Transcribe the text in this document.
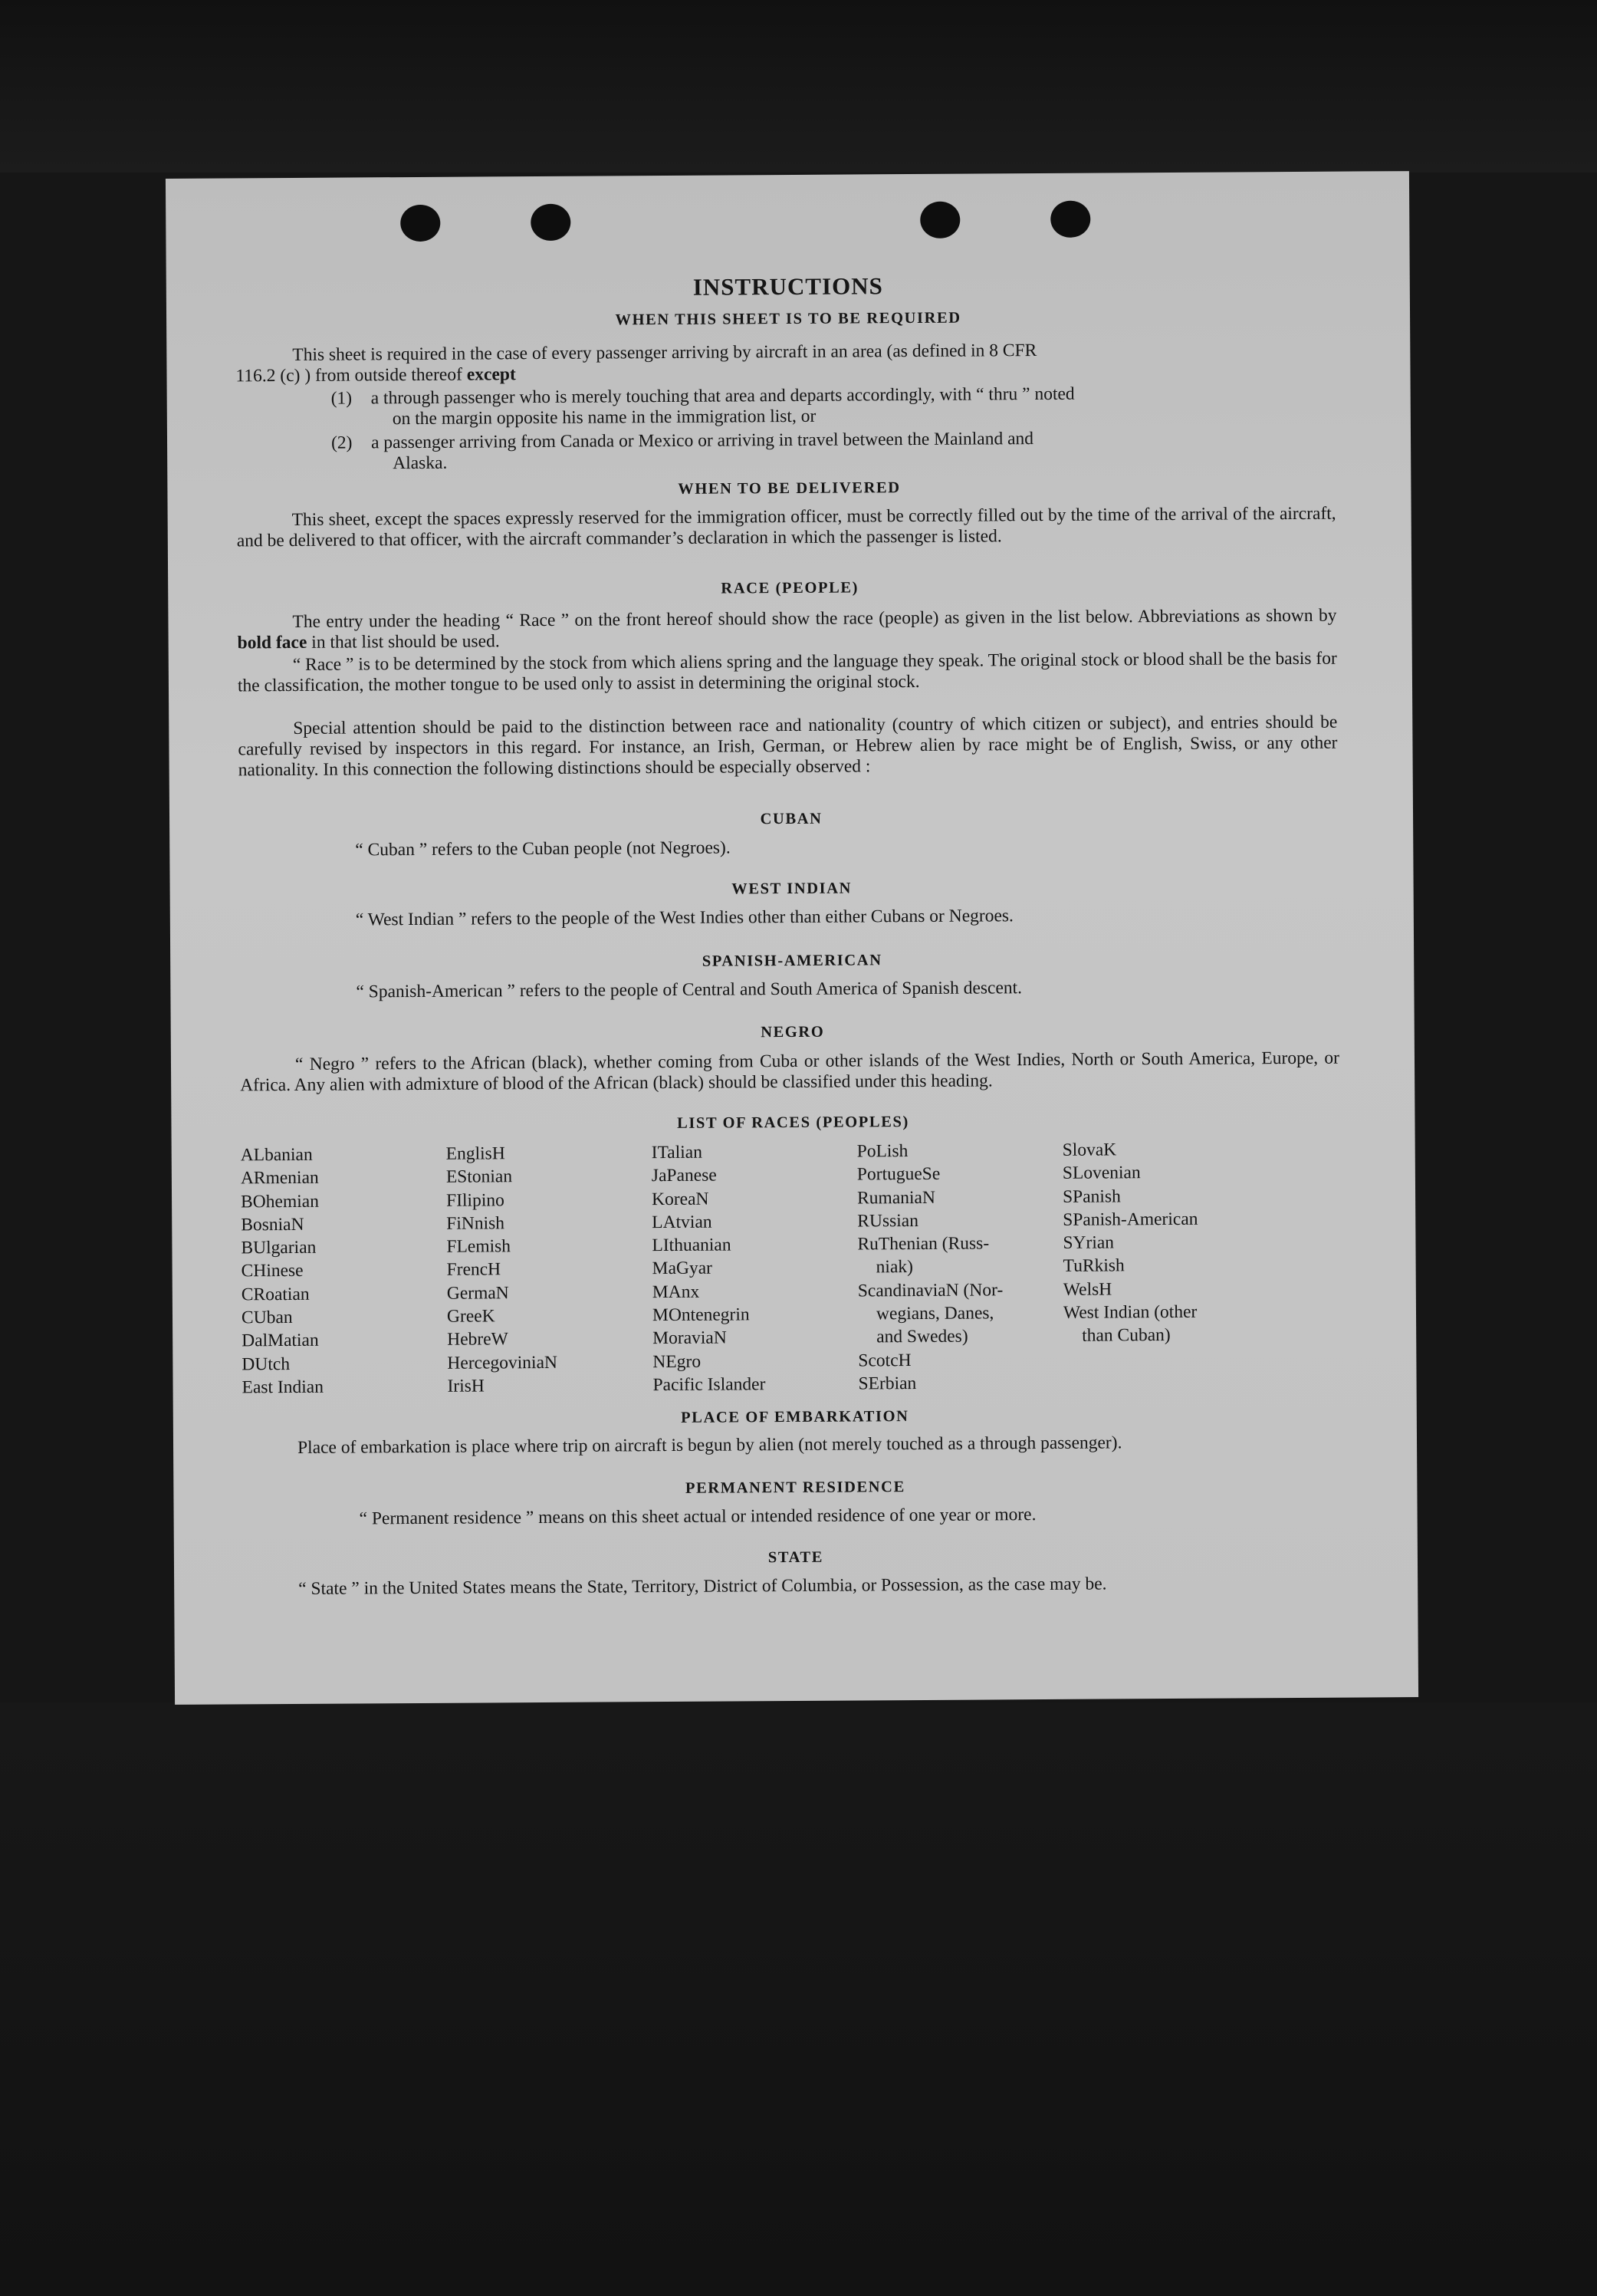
INSTRUCTIONS
WHEN THIS SHEET IS TO BE REQUIRED
This sheet is required in the case of every passenger arriving by aircraft in an area (as defined in 8 CFR
116.2 (c) ) from outside thereof except
(1) a through passenger who is merely touching that area and departs accordingly, with “ thru ” noted
on the margin opposite his name in the immigration list, or
(2) a passenger arriving from Canada or Mexico or arriving in travel between the Mainland and
Alaska.
WHEN TO BE DELIVERED
This sheet, except the spaces expressly reserved for the immigration officer, must be correctly filled out by the time of the arrival of the aircraft, and be delivered to that officer, with the aircraft commander’s declaration in which the passenger is listed.
RACE (PEOPLE)
The entry under the heading “ Race ” on the front hereof should show the race (people) as given in the list below. Abbreviations as shown by bold face in that list should be used.
“ Race ” is to be determined by the stock from which aliens spring and the language they speak. The original stock or blood shall be the basis for the classification, the mother tongue to be used only to assist in determining the original stock.
Special attention should be paid to the distinction between race and nationality (country of which citizen or subject), and entries should be carefully revised by inspectors in this regard. For instance, an Irish, German, or Hebrew alien by race might be of English, Swiss, or any other nationality. In this connection the following distinctions should be especially observed :
CUBAN
“ Cuban ” refers to the Cuban people (not Negroes).
WEST INDIAN
“ West Indian ” refers to the people of the West Indies other than either Cubans or Negroes.
SPANISH-AMERICAN
“ Spanish-American ” refers to the people of Central and South America of Spanish descent.
NEGRO
“ Negro ” refers to the African (black), whether coming from Cuba or other islands of the West Indies, North or South America, Europe, or Africa. Any alien with admixture of blood of the African (black) should be classified under this heading.
LIST OF RACES (PEOPLES)
ALbanian
ARmenian
BOhemian
BosniaN
BUlgarian
CHinese
CRoatian
CUban
DalMatian
DUtch
East Indian
EnglisH
EStonian
FIlipino
FiNnish
FLemish
FrencH
GermaN
GreeK
HebreW
HercegoviniaN
IrisH
ITalian
JaPanese
KoreaN
LAtvian
LIthuanian
MaGyar
MAnx
MOntenegrin
MoraviaN
NEgro
Pacific Islander
PoLish
PortugueSe
RumaniaN
RUssian
RuThenian (Russ-
niak)
ScandinaviaN (Nor-
wegians, Danes,
and Swedes)
ScotcH
SErbian
SlovaK
SLovenian
SPanish
SPanish-American
SYrian
TuRkish
WelsH
West Indian (other
than Cuban)
PLACE OF EMBARKATION
Place of embarkation is place where trip on aircraft is begun by alien (not merely touched as a through passenger).
PERMANENT RESIDENCE
“ Permanent residence ” means on this sheet actual or intended residence of one year or more.
STATE
“ State ” in the United States means the State, Territory, District of Columbia, or Possession, as the case may be.
